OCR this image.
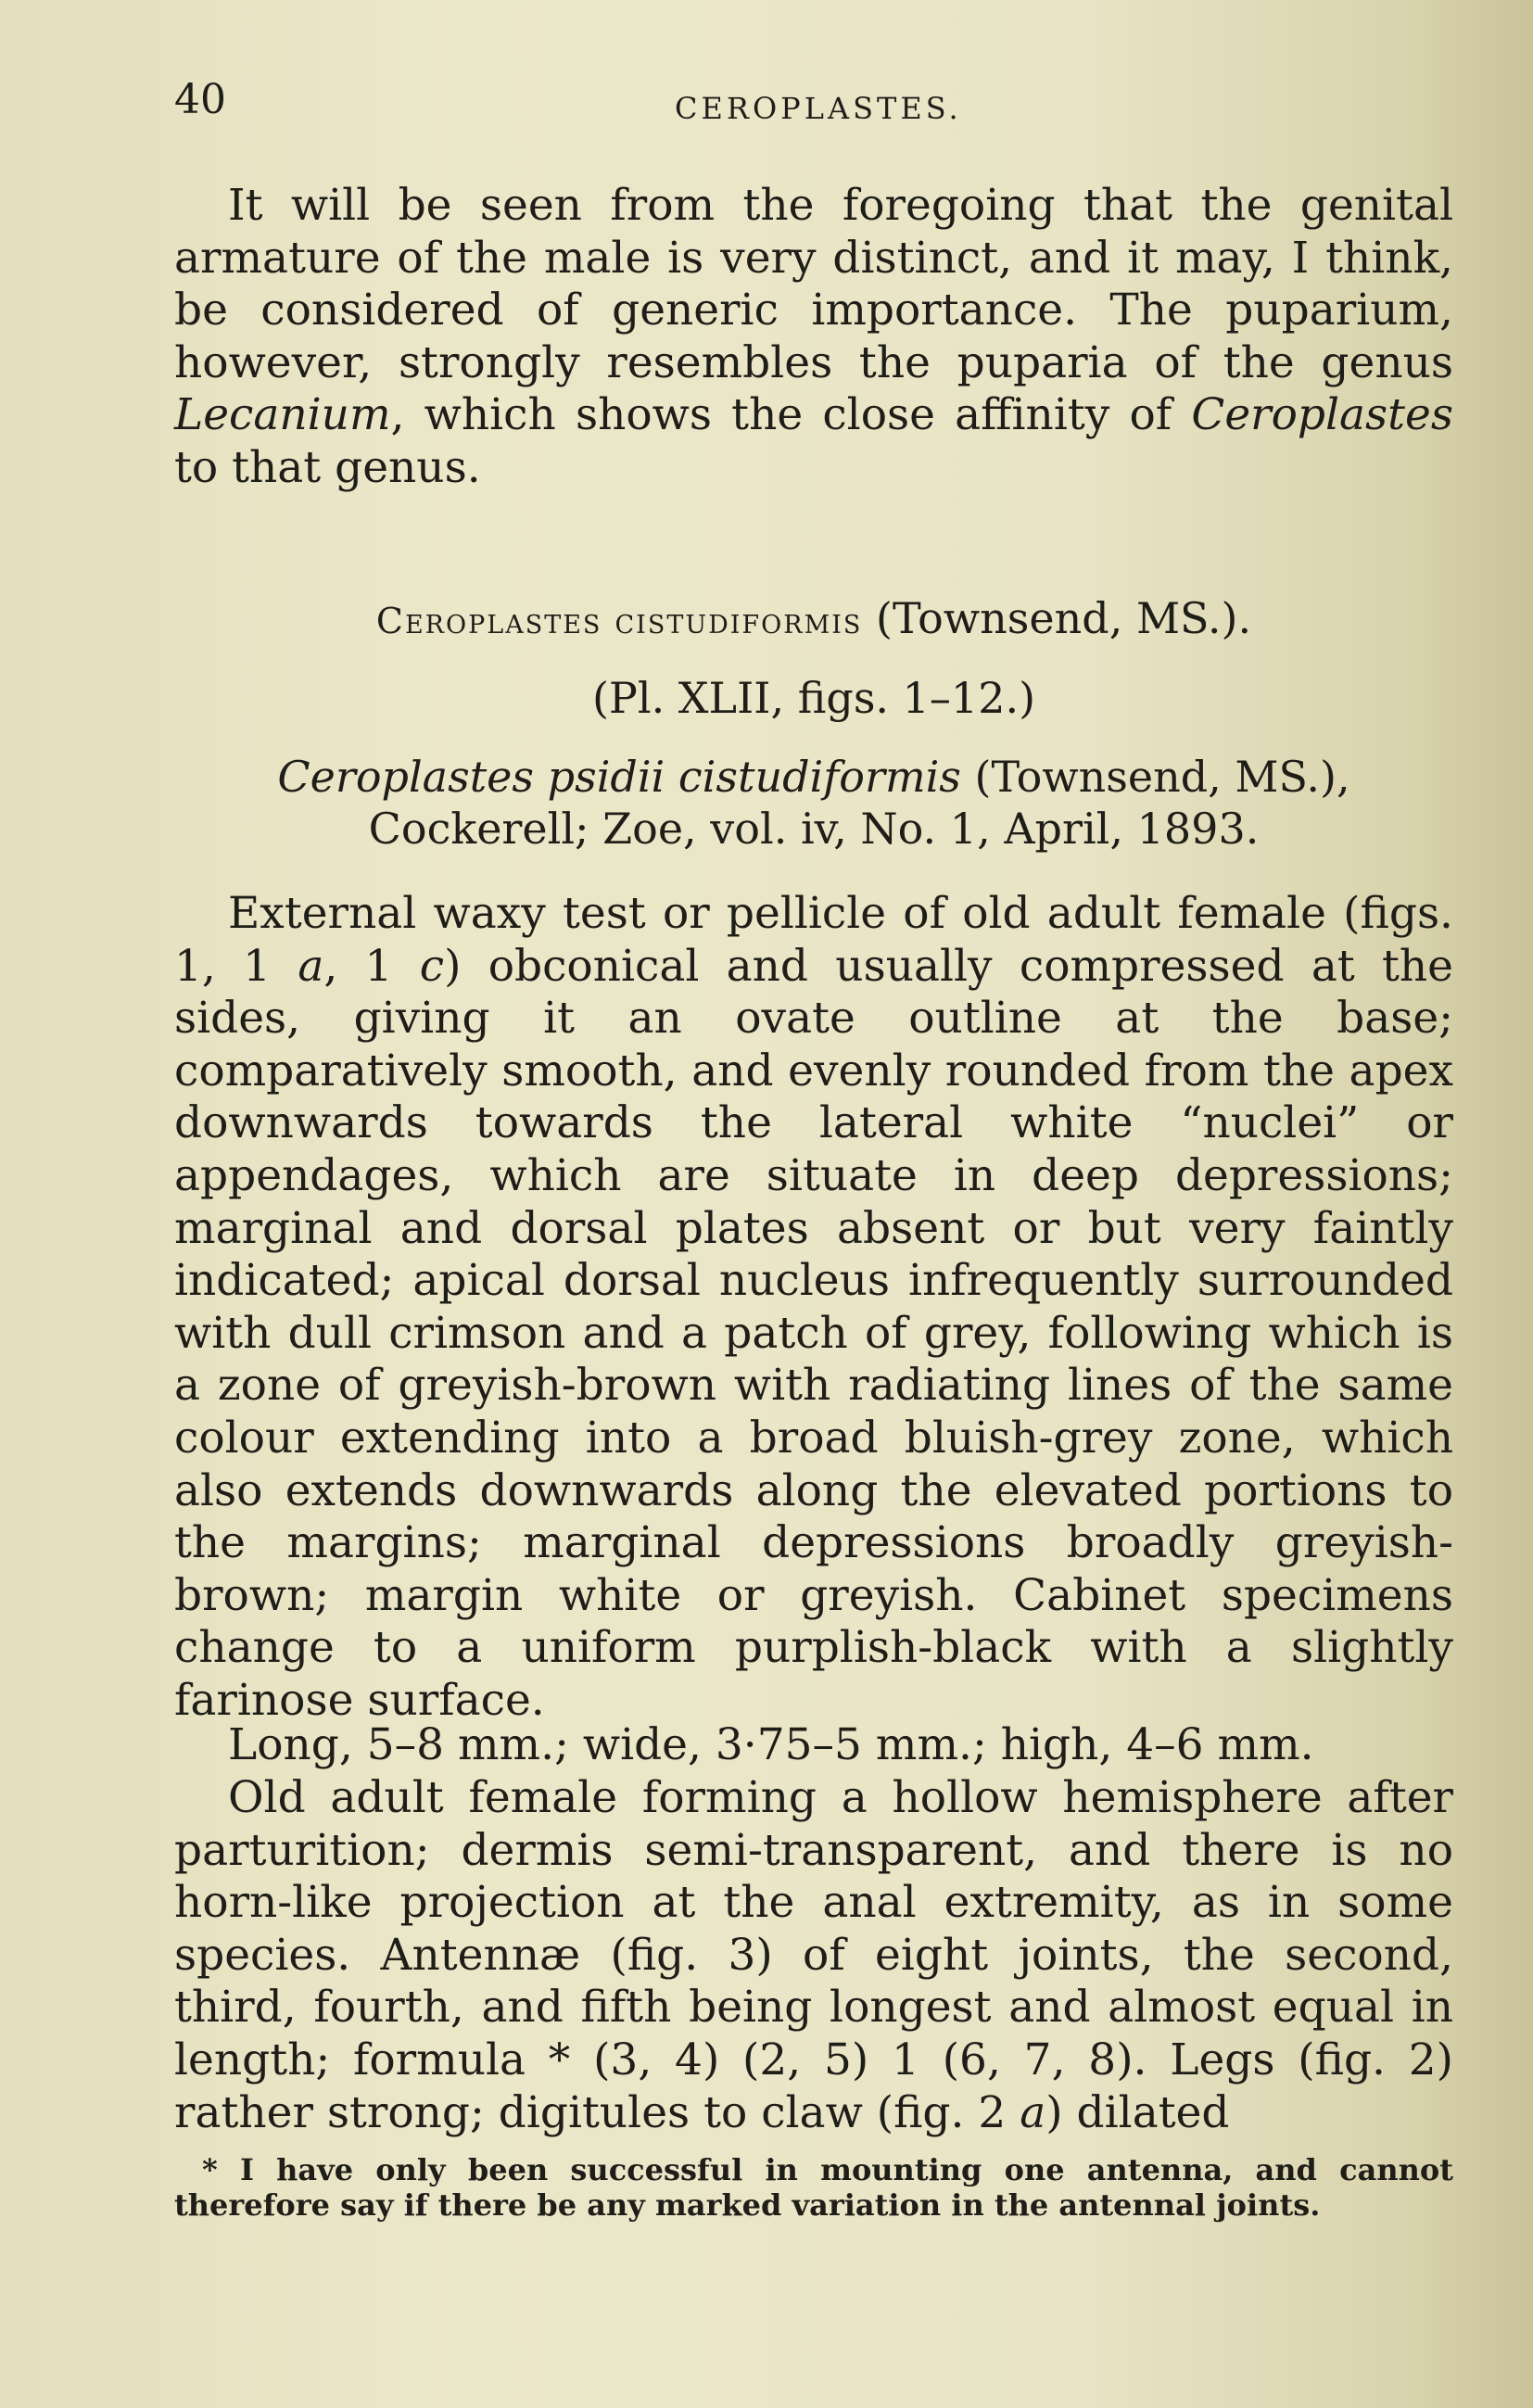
40	CEROPLASTES.

It will be seen from the foregoing that the genital armature of the male is very distinct, and it may, I think, be considered of generic importance. The puparium, however, strongly resembles the puparia of the genus Lecanium, which shows the close affinity of Ceroplastes to that genus.

Ceroplastes cistudiformis (Townsend, MS.).
(Pl. XLII, figs. 1–12.)
Ceroplastes psidii cistudiformis (Townsend, MS.),
Cockerell; Zoe, vol. iv, No. 1, April, 1893.

External waxy test or pellicle of old adult female (figs. 1, 1 a, 1 c) obconical and usually compressed at the sides, giving it an ovate outline at the base; comparatively smooth, and evenly rounded from the apex downwards towards the lateral white “nuclei” or appendages, which are situate in deep depressions; marginal and dorsal plates absent or but very faintly indicated; apical dorsal nucleus infrequently surrounded with dull crimson and a patch of grey, following which is a zone of greyish-brown with radiating lines of the same colour extending into a broad bluish-grey zone, which also extends downwards along the elevated portions to the margins; marginal depressions broadly greyish-brown; margin white or greyish. Cabinet specimens change to a uniform purplish-black with a slightly farinose surface.

Long, 5–8 mm.; wide, 3·75–5 mm.; high, 4–6 mm.

Old adult female forming a hollow hemisphere after parturition; dermis semi-transparent, and there is no horn-like projection at the anal extremity, as in some species. Antennæ (fig. 3) of eight joints, the second, third, fourth, and fifth being longest and almost equal in length; formula * (3, 4) (2, 5) 1 (6, 7, 8). Legs (fig. 2) rather strong; digitules to claw (fig. 2 a) dilated

* I have only been successful in mounting one antenna, and cannot therefore say if there be any marked variation in the antennal joints.
